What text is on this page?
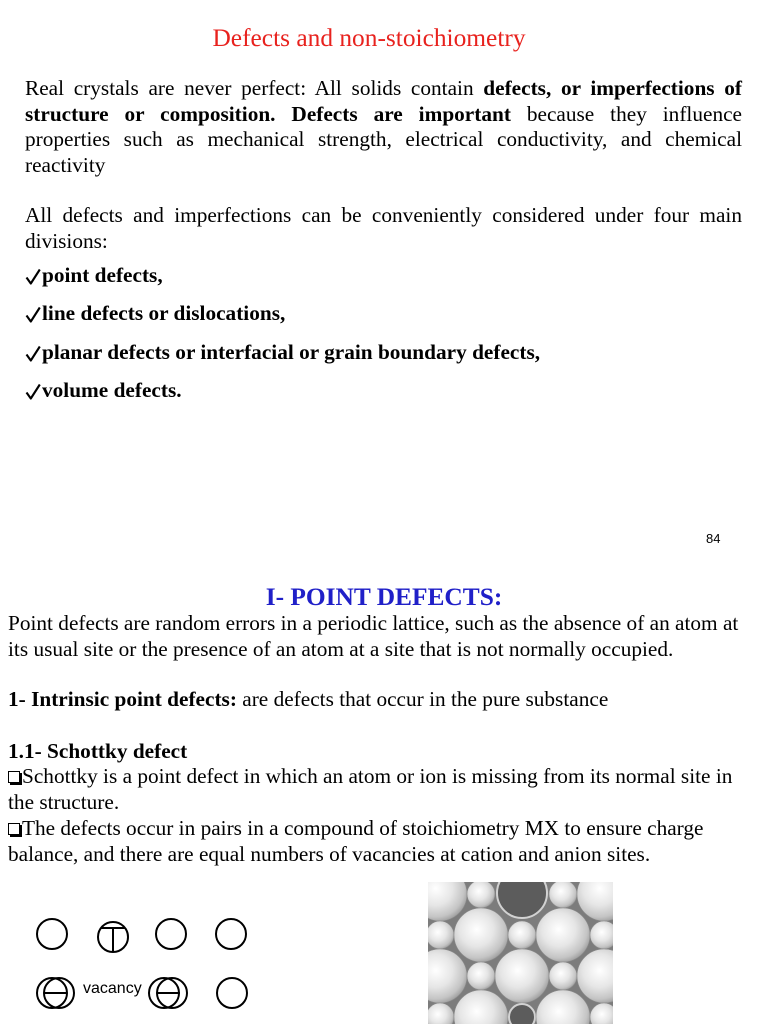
Defects and non-stoichiometry

Real crystals are never perfect: All solids contain defects, or imperfections of structure or composition. Defects are important because they influence properties such as mechanical strength, electrical conductivity, and chemical reactivity

All defects and imperfections can be conveniently considered under four main divisions:

point defects,
line defects or dislocations,
planar defects or interfacial or grain boundary defects,
volume defects.
84
I- POINT DEFECTS:

Point defects are random errors in a periodic lattice, such as the absence of an atom at its usual site or the presence of an atom at a site that is not normally occupied.

1- Intrinsic point defects: are defects that occur in the pure substance

1.1- Schottky defect

Schottky is a point defect in which an atom or ion is missing from its normal site in the structure.

The defects occur in pairs in a compound of stoichiometry MX to ensure charge balance, and there are equal numbers of vacancies at cation and anion sites.

vacancy
